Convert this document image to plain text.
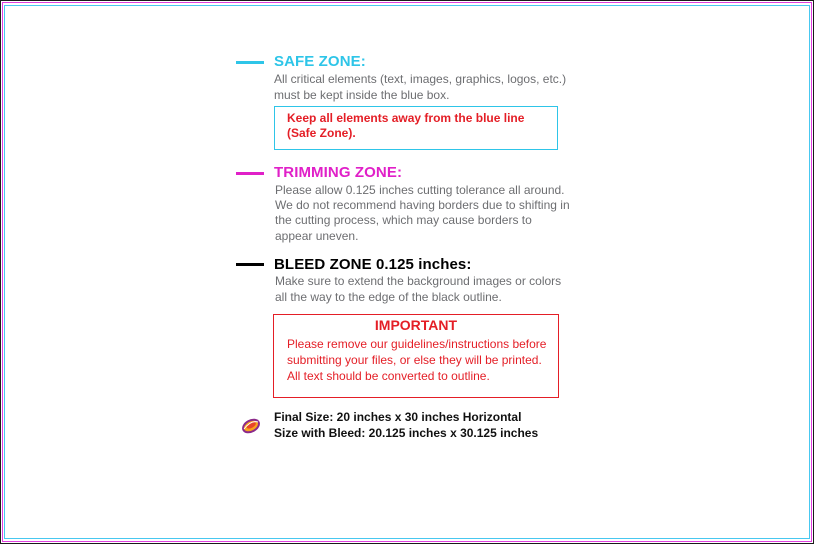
SAFE ZONE:

All critical elements (text, images, graphics, logos, etc.)

must be kept inside the blue box.

Keep all elements away from the blue line

(Safe Zone).

TRIMMING ZONE:

Please allow 0.125 inches cutting tolerance all around.

We do not recommend having borders due to shifting in

the cutting process, which may cause borders to

appear uneven.

BLEED ZONE 0.125 inches:

Make sure to extend the background images or colors

all the way to the edge of the black outline.

IMPORTANT

Please remove our guidelines/instructions before

submitting your files, or else they will be printed.

All text should be converted to outline.

Final Size: 20 inches x 30 inches Horizontal

Size with Bleed: 20.125 inches x 30.125 inches
